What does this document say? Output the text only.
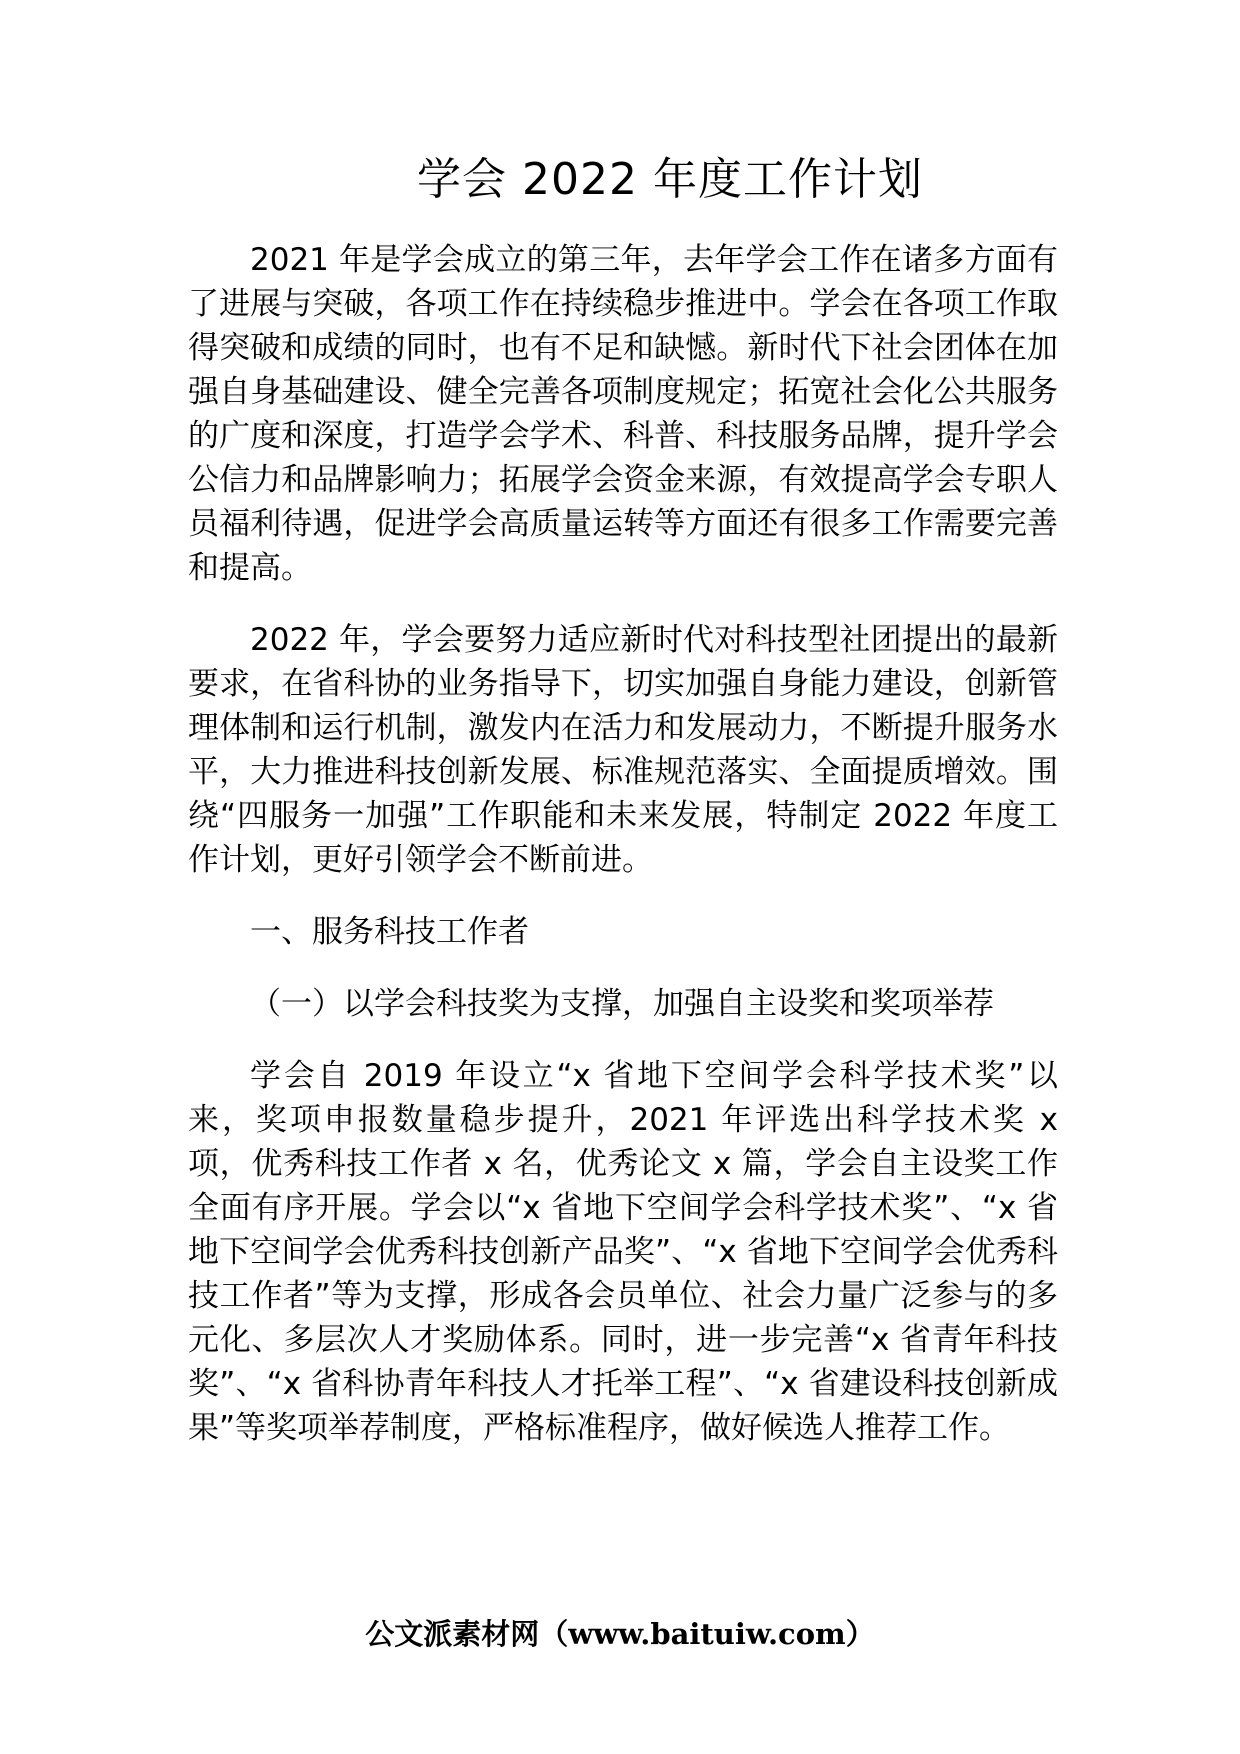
学会 2022 年度工作计划

2021 年是学会成立的第三年，去年学会工作在诸多方面有了进展与突破，各项工作在持续稳步推进中。学会在各项工作取得突破和成绩的同时，也有不足和缺憾。新时代下社会团体在加强自身基础建设、健全完善各项制度规定；拓宽社会化公共服务的广度和深度，打造学会学术、科普、科技服务品牌，提升学会公信力和品牌影响力；拓展学会资金来源，有效提高学会专职人员福利待遇，促进学会高质量运转等方面还有很多工作需要完善和提高。

2022 年，学会要努力适应新时代对科技型社团提出的最新要求，在省科协的业务指导下，切实加强自身能力建设，创新管理体制和运行机制，激发内在活力和发展动力，不断提升服务水平，大力推进科技创新发展、标准规范落实、全面提质增效。围绕“四服务一加强”工作职能和未来发展，特制定 2022 年度工作计划，更好引领学会不断前进。

一、服务科技工作者

（一）以学会科技奖为支撑，加强自主设奖和奖项举荐

学会自 2019 年设立“x 省地下空间学会科学技术奖”以来，奖项申报数量稳步提升，2021 年评选出科学技术奖 x 项，优秀科技工作者 x 名，优秀论文 x 篇，学会自主设奖工作全面有序开展。学会以“x 省地下空间学会科学技术奖”、“x 省地下空间学会优秀科技创新产品奖”、“x 省地下空间学会优秀科技工作者”等为支撑，形成各会员单位、社会力量广泛参与的多元化、多层次人才奖励体系。同时，进一步完善“x 省青年科技奖”、“x 省科协青年科技人才托举工程”、“x 省建设科技创新成果”等奖项举荐制度，严格标准程序，做好候选人推荐工作。

公文派素材网（www.baituiw.com）
